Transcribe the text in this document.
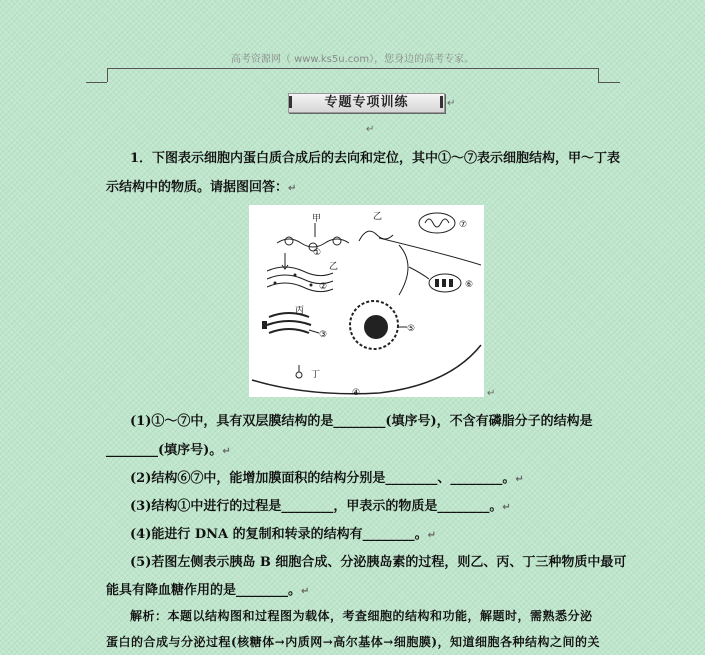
高考资源网（ www.ks5u.com），您身边的高考专家。
专题专项训练	↵
↵
1．下图表示细胞内蛋白质合成后的去向和定位，其中①～⑦表示细胞结构，甲～丁表
示结构中的物质。请据图回答：↵
甲
①
乙
乙
②
丙
③
丁
⑤
⑦
⑥
④	↵
(1)①～⑦中，具有双层膜结构的是________(填序号)，不含有磷脂分子的结构是
________(填序号)。↵
(2)结构⑥⑦中，能增加膜面积的结构分别是________、________。↵
(3)结构①中进行的过程是________，甲表示的物质是________。↵
(4)能进行 DNA 的复制和转录的结构有________。↵
(5)若图左侧表示胰岛 B 细胞合成、分泌胰岛素的过程，则乙、丙、丁三种物质中最可
能具有降血糖作用的是________。↵
解析：本题以结构图和过程图为载体，考查细胞的结构和功能，解题时，需熟悉分泌
蛋白的合成与分泌过程(核糖体→内质网→高尔基体→细胞膜)，知道细胞各种结构之间的关
